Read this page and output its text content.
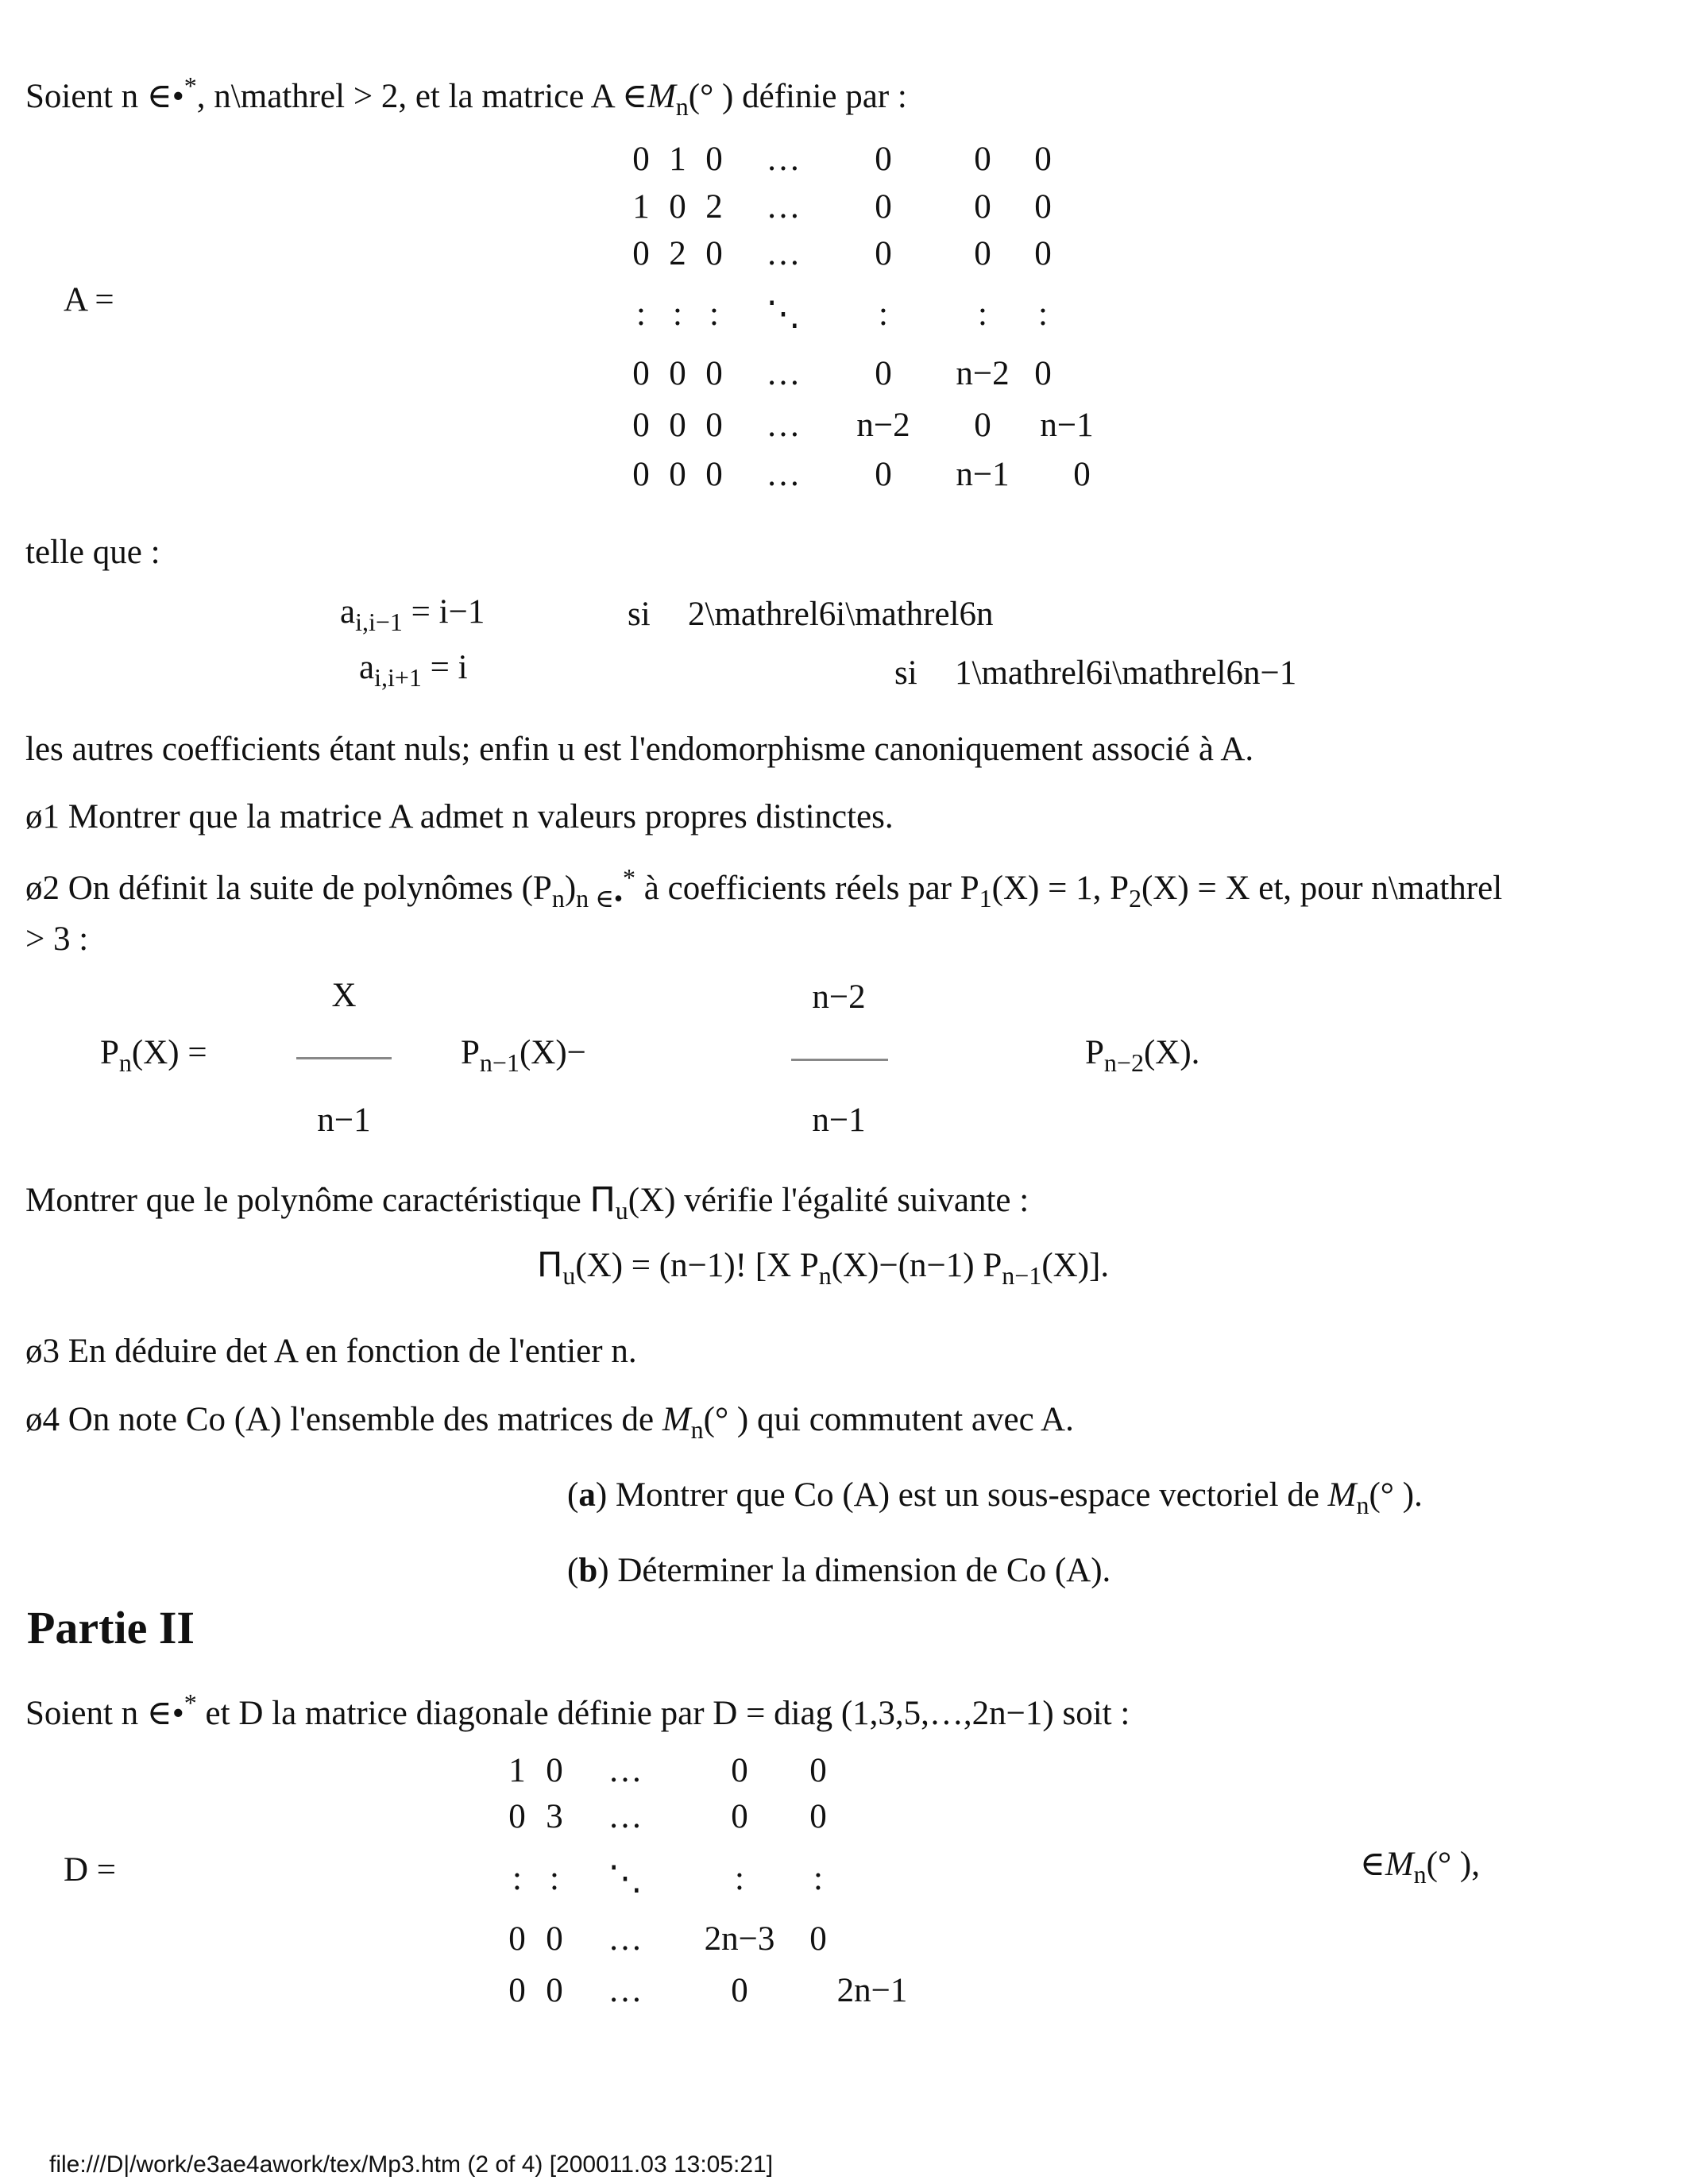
Soient n ∈•*, n\mathrel > 2, et la matrice A $\in M_n(^\circ$ ) définie par :
A =
0 1 0 … 0 0 0
1 0 2 … 0 0 0
0 2 0 … 0 0 0
: : : ⋱ :	: :
0 0 0 … 0 n−2 0
0 0 0 … n−2 0 n−1
0 0 0 … 0 n−1 0
telle que :
$a_{i,i-1} = i-1$	si 2\mathrel6i\mathrel6n
$a_{i,i+1} = i$	si 1\mathrel6i\mathrel6n−1
les autres coefficients étant nuls; enfin u est l'endomorphisme canoniquement associé à A.
ø1 Montrer que la matrice A admet n valeurs propres distinctes.
ø2 On définit la suite de polynômes $(P_n)_{n \in•}^*$ à coefficients réels par $P_1(X) = 1$, $P_2(X) = X$ et, pour n\mathrel
> 3 :
$P_n(X)$ =
X
n−1
$P_{n-1}(X)-$
n−2
n−1
$P_{n-2}(X)$.
Montrer que le polynôme caractéristique $\Pi_u(X)$ vérifie l'égalité suivante :
$\Pi_u(X) = (n-1)$! [X $P_n(X)-(n-1)$ $P_{n-1}(X)$].
ø3 En déduire det A en fonction de l'entier n.
ø4 On note Co (A) l'ensemble des matrices de $M_n(^\circ$ ) qui commutent avec A.
(a) Montrer que Co (A) est un sous-espace vectoriel de $M_n(^\circ$ ).
(b) Déterminer la dimension de Co (A).
Partie II
Soient n ∈•* et D la matrice diagonale définie par D = diag (1,3,5,…,2n−1) soit :
D =
1 0 …	0 0
0 3 …	0 0
: : ⋱	: :
0 0 … 2n−3 0
0 0 …	0	2n−1
$\in M_n(^\circ$ ),
file:///D|/work/e3ae4awork/tex/Mp3.htm (2 of 4) [200011.03 13:05:21]
